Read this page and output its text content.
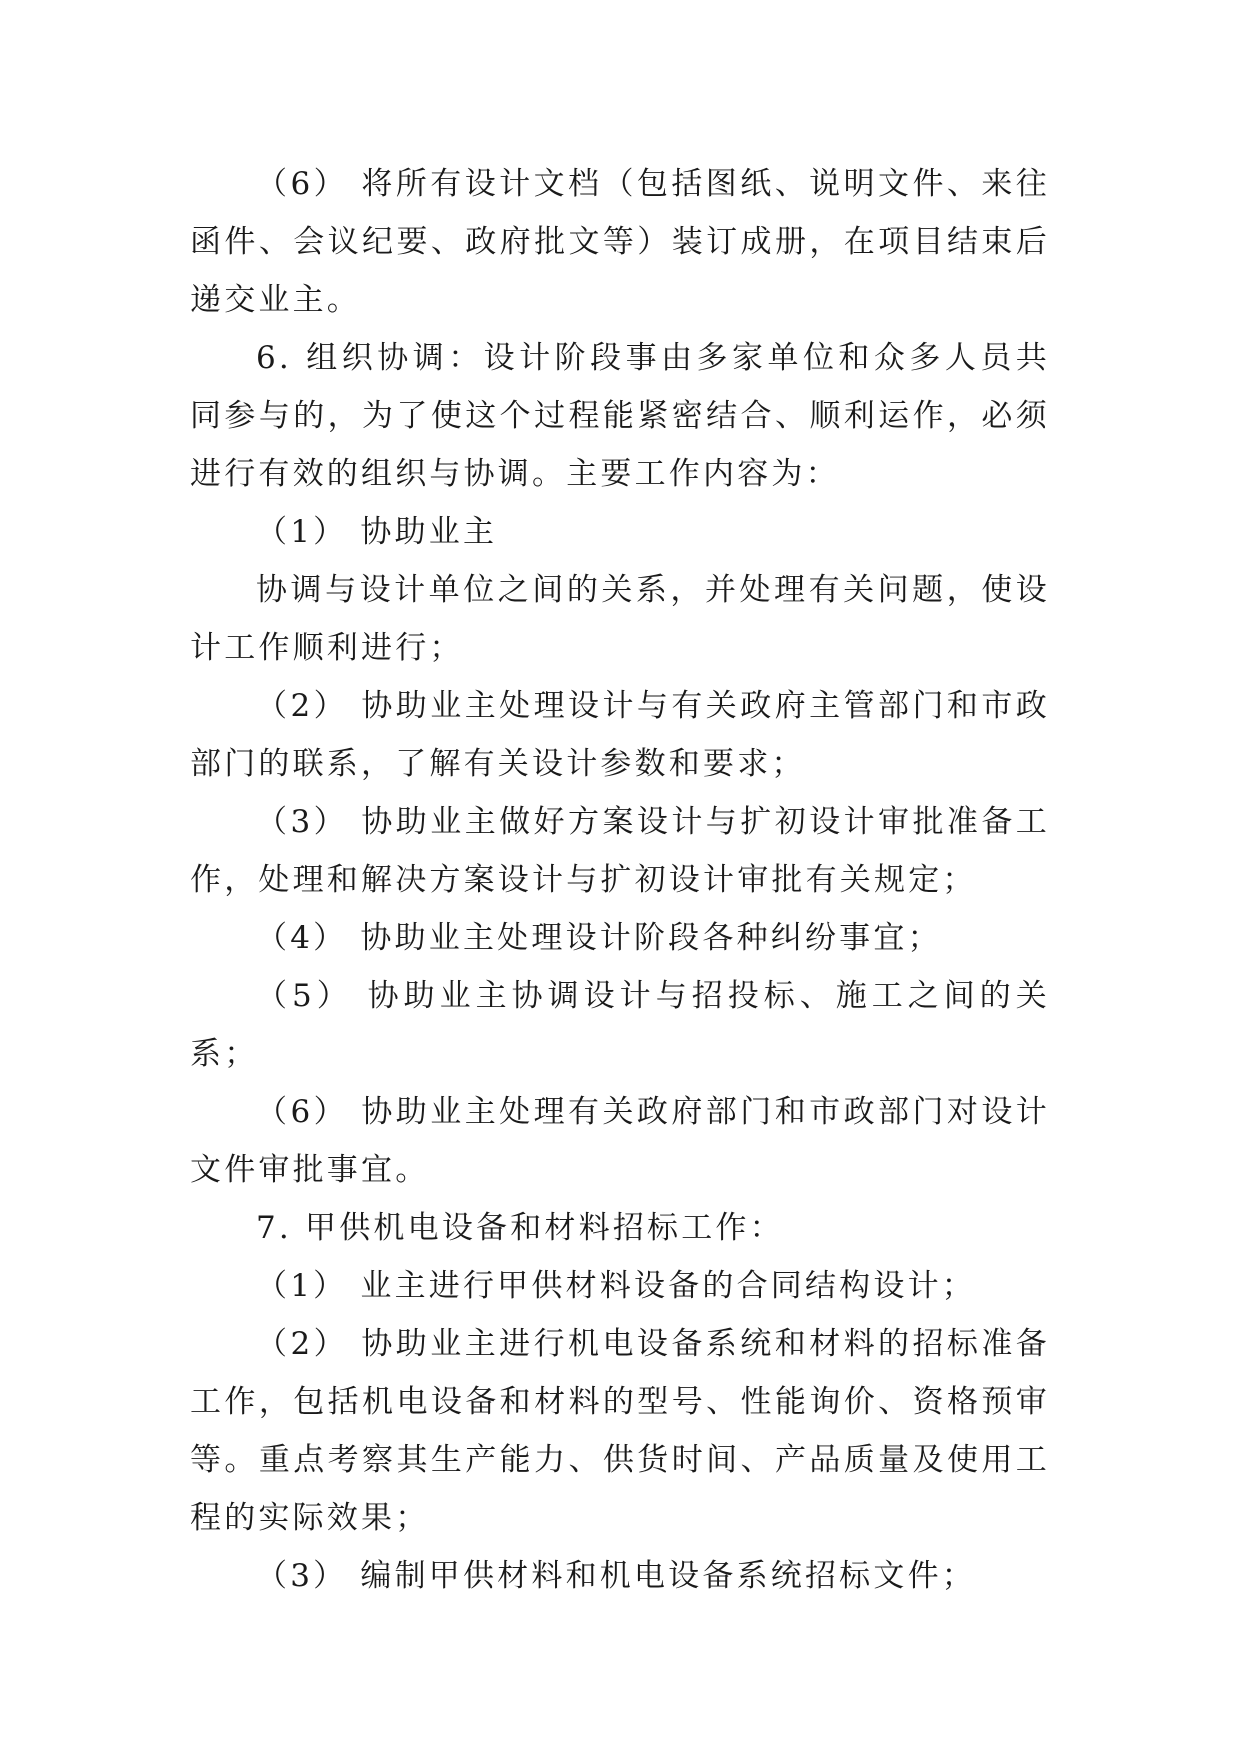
（6） 将所有设计文档（包括图纸、说明文件、来往函件、会议纪要、政府批文等）装订成册，在项目结束后递交业主。

6. 组织协调：设计阶段事由多家单位和众多人员共同参与的，为了使这个过程能紧密结合、顺利运作，必须进行有效的组织与协调。主要工作内容为：

（1） 协助业主

协调与设计单位之间的关系，并处理有关问题，使设计工作顺利进行；

（2） 协助业主处理设计与有关政府主管部门和市政部门的联系，了解有关设计参数和要求；

（3） 协助业主做好方案设计与扩初设计审批准备工作，处理和解决方案设计与扩初设计审批有关规定；

（4） 协助业主处理设计阶段各种纠纷事宜；

（5） 协助业主协调设计与招投标、施工之间的关系；

（6） 协助业主处理有关政府部门和市政部门对设计文件审批事宜。

7. 甲供机电设备和材料招标工作：

（1） 业主进行甲供材料设备的合同结构设计；

（2） 协助业主进行机电设备系统和材料的招标准备工作，包括机电设备和材料的型号、性能询价、资格预审等。重点考察其生产能力、供货时间、产品质量及使用工程的实际效果；

（3） 编制甲供材料和机电设备系统招标文件；
